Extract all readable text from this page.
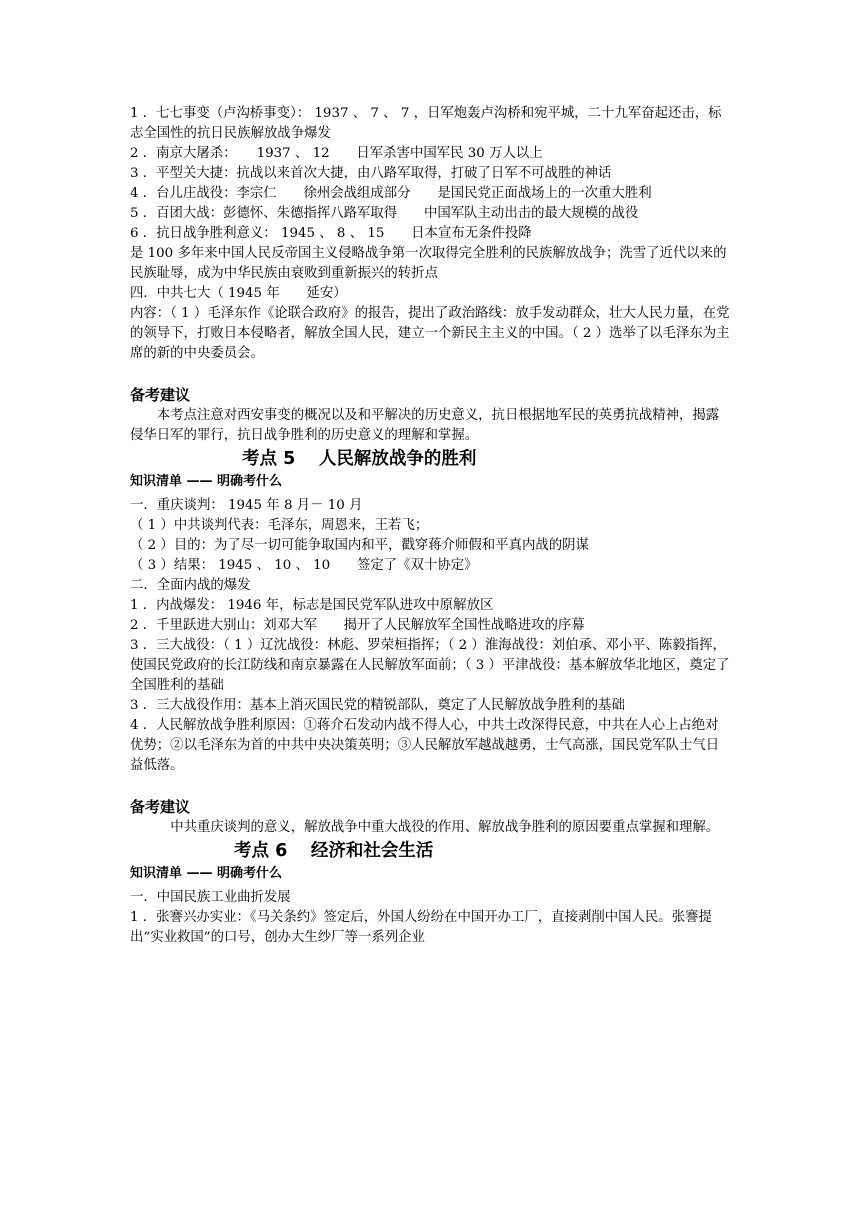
1 ．七七事变（卢沟桥事变）： 1937 、 7 、 7 ，日军炮轰卢沟桥和宛平城，二十九军奋起还击，标志全国性的抗日民族解放战争爆发

2 ．南京大屠杀：　　1937 、 12　　日军杀害中国军民 30 万人以上

3 ．平型关大捷：抗战以来首次大捷，由八路军取得，打破了日军不可战胜的神话

4 ．台儿庄战役：李宗仁　　徐州会战组成部分　　是国民党正面战场上的一次重大胜利

5 ．百团大战：彭德怀、朱德指挥八路军取得　　中国军队主动出击的最大规模的战役

6 ．抗日战争胜利意义： 1945 、 8 、 15　　日本宣布无条件投降

是 100 多年来中国人民反帝国主义侵略战争第一次取得完全胜利的民族解放战争；洗雪了近代以来的民族耻辱，成为中华民族由衰败到重新振兴的转折点

四．中共七大（ 1945 年　　延安）

内容：（ 1 ）毛泽东作《论联合政府》的报告，提出了政治路线：放手发动群众，壮大人民力量，在党的领导下，打败日本侵略者，解放全国人民，建立一个新民主主义的中国。（ 2 ）选举了以毛泽东为主席的新的中央委员会。

备考建议

本考点注意对西安事变的概况以及和平解决的历史意义，抗日根据地军民的英勇抗战精神，揭露侵华日军的罪行，抗日战争胜利的历史意义的理解和掌握。

考点 5　 人民解放战争的胜利

知识清单 —— 明确考什么

一．重庆谈判： 1945 年 8 月－ 10 月

（ 1 ）中共谈判代表：毛泽东，周恩来，王若飞；

（ 2 ）目的：为了尽一切可能争取国内和平，戳穿蒋介师假和平真内战的阴谋

（ 3 ）结果： 1945 、 10 、 10　　签定了《双十协定》

二．全面内战的爆发

1 ．内战爆发： 1946 年，标志是国民党军队进攻中原解放区

2 ．千里跃进大别山：刘邓大军　　揭开了人民解放军全国性战略进攻的序幕

3 ．三大战役：（ 1 ）辽沈战役：林彪、罗荣桓指挥；（ 2 ）淮海战役：刘伯承、邓小平、陈毅指挥，使国民党政府的长江防线和南京暴露在人民解放军面前；（ 3 ）平津战役：基本解放华北地区，奠定了全国胜利的基础

3 ．三大战役作用：基本上消灭国民党的精锐部队，奠定了人民解放战争胜利的基础

4 ．人民解放战争胜利原因：①蒋介石发动内战不得人心，中共土改深得民意，中共在人心上占绝对优势；②以毛泽东为首的中共中央决策英明；③人民解放军越战越勇，士气高涨，国民党军队士气日益低落。

备考建议

中共重庆谈判的意义，解放战争中重大战役的作用、解放战争胜利的原因要重点掌握和理解。

考点 6　 经济和社会生活

知识清单 —— 明确考什么

一．中国民族工业曲折发展

1 ．张謇兴办实业：《马关条约》签定后，外国人纷纷在中国开办工厂，直接剥削中国人民。张謇提出“实业救国”的口号，创办大生纱厂等一系列企业
